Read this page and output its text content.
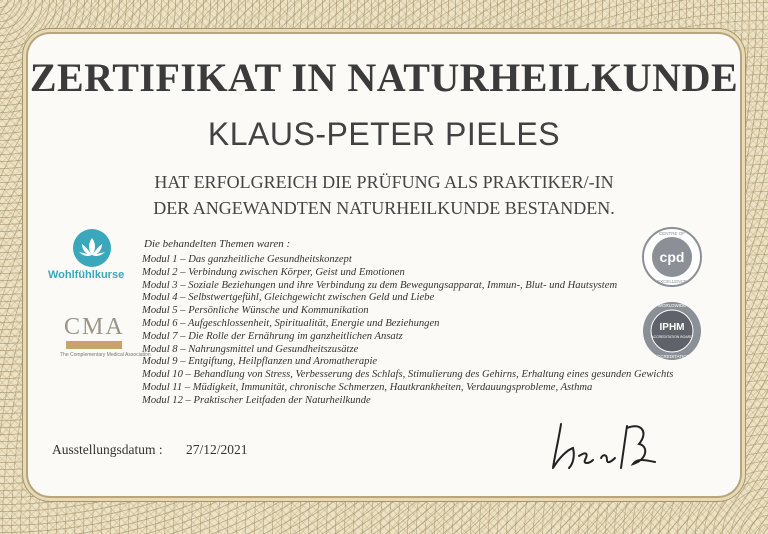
ZERTIFIKAT IN NATURHEILKUNDE
KLAUS-PETER PIELES
HAT ERFOLGREICH DIE PRÜFUNG ALS PRAKTIKER/-IN
DER ANGEWANDTEN NATURHEILKUNDE BESTANDEN.
Die behandelten Themen waren :
Modul 1 – Das ganzheitliche Gesundheitskonzept
Modul 2 – Verbindung zwischen Körper, Geist und Emotionen
Modul 3 – Soziale Beziehungen und ihre Verbindung zu dem Bewegungsapparat, Immun-, Blut- und Hautsystem
Modul 4 – Selbstwertgefühl, Gleichgewicht zwischen Geld und Liebe
Modul 5 – Persönliche Wünsche und Kommunikation
Modul 6 – Aufgeschlossenheit, Spiritualität, Energie und Beziehungen
Modul 7 – Die Rolle der Ernährung im ganzheitlichen Ansatz
Modul 8 – Nahrungsmittel und Gesundheitszusätze
Modul 9 – Entgiftung, Heilpflanzen und Aromatherapie
Modul 10 – Behandlung von Stress, Verbesserung des Schlafs, Stimulierung des Gehirns, Erhaltung eines gesunden Gewichts
Modul 11 – Müdigkeit, Immunität, chronische Schmerzen, Hautkrankheiten, Verdauungsprobleme, Asthma
Modul 12 – Praktischer Leitfaden der Naturheilkunde
Ausstellungsdatum : 27/12/2021
Wohlfühlkurse
CMA
The Complementary Medical Association
cpd
CENTRE OF
EXCELLENCE
IPHM
ACCREDITATION BOARD
WORLDWIDE
ACCREDITATION
